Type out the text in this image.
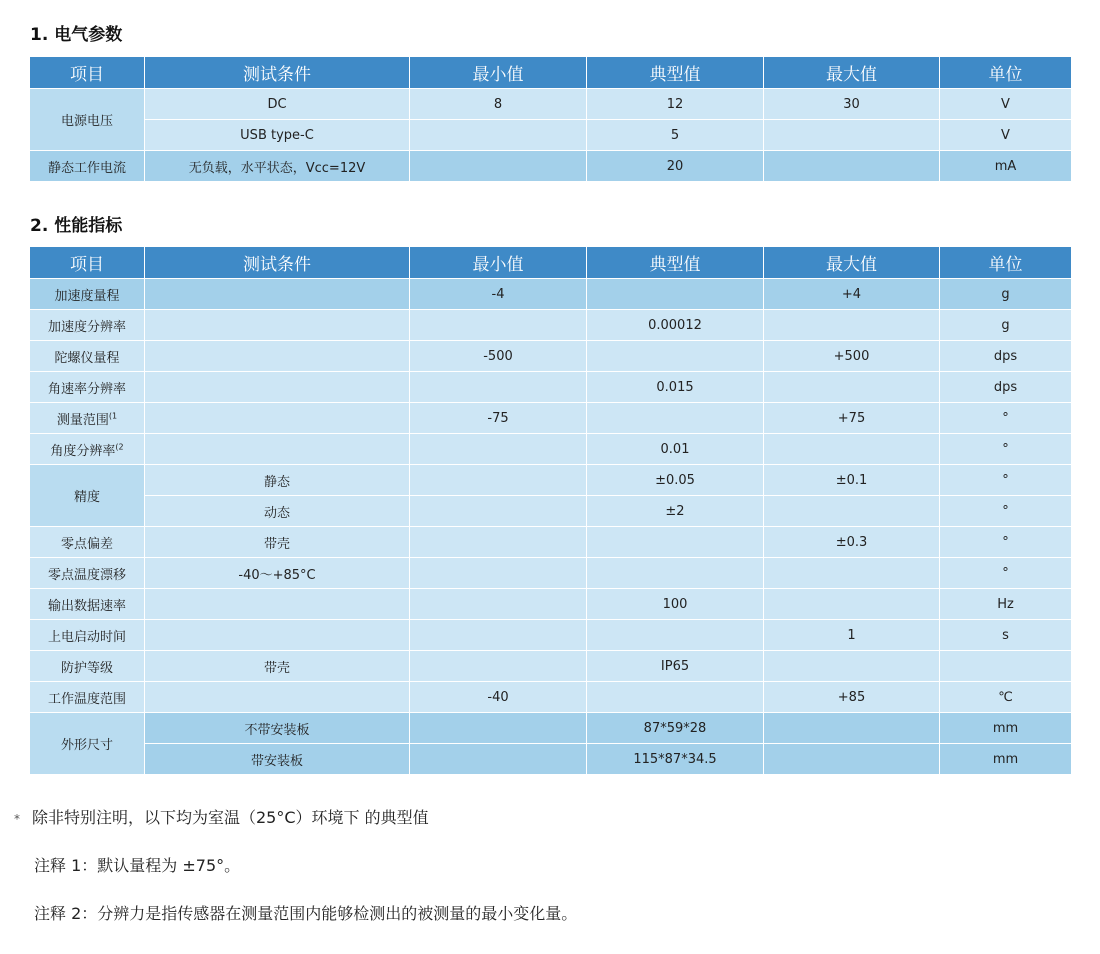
1. 电气参数
项目	测试条件	最小值	典型值	最大值	单位
电源电压	DC	8	12	30	V
	USB type-C		5		V
静态工作电流	无负载，水平状态，Vcc=12V		20		mA
2. 性能指标
项目	测试条件	最小值	典型值	最大值	单位
加速度量程		-4		+4	g
加速度分辨率			0.00012		g
陀螺仪量程		-500		+500	dps
角速率分辨率			0.015		dps
测量范围$^{(1}$		-75		+75	°
角度分辨率$^{(2}$			0.01		°
精度	静态		±0.05	±0.1	°
	动态		±2		°
零点偏差	带壳			±0.3	°
零点温度漂移	-40～+85°C				°
输出数据速率			100		Hz
上电启动时间				1	s
防护等级	带壳		IP65		
工作温度范围		-40		+85	℃
外形尺寸	不带安装板		87*59*28		mm
	带安装板		115*87*34.5		mm
* 除非特别注明，以下均为室温（25°C）环境下 的典型值
注释 1：默认量程为 ±75°。
注释 2：分辨力是指传感器在测量范围内能够检测出的被测量的最小变化量。
